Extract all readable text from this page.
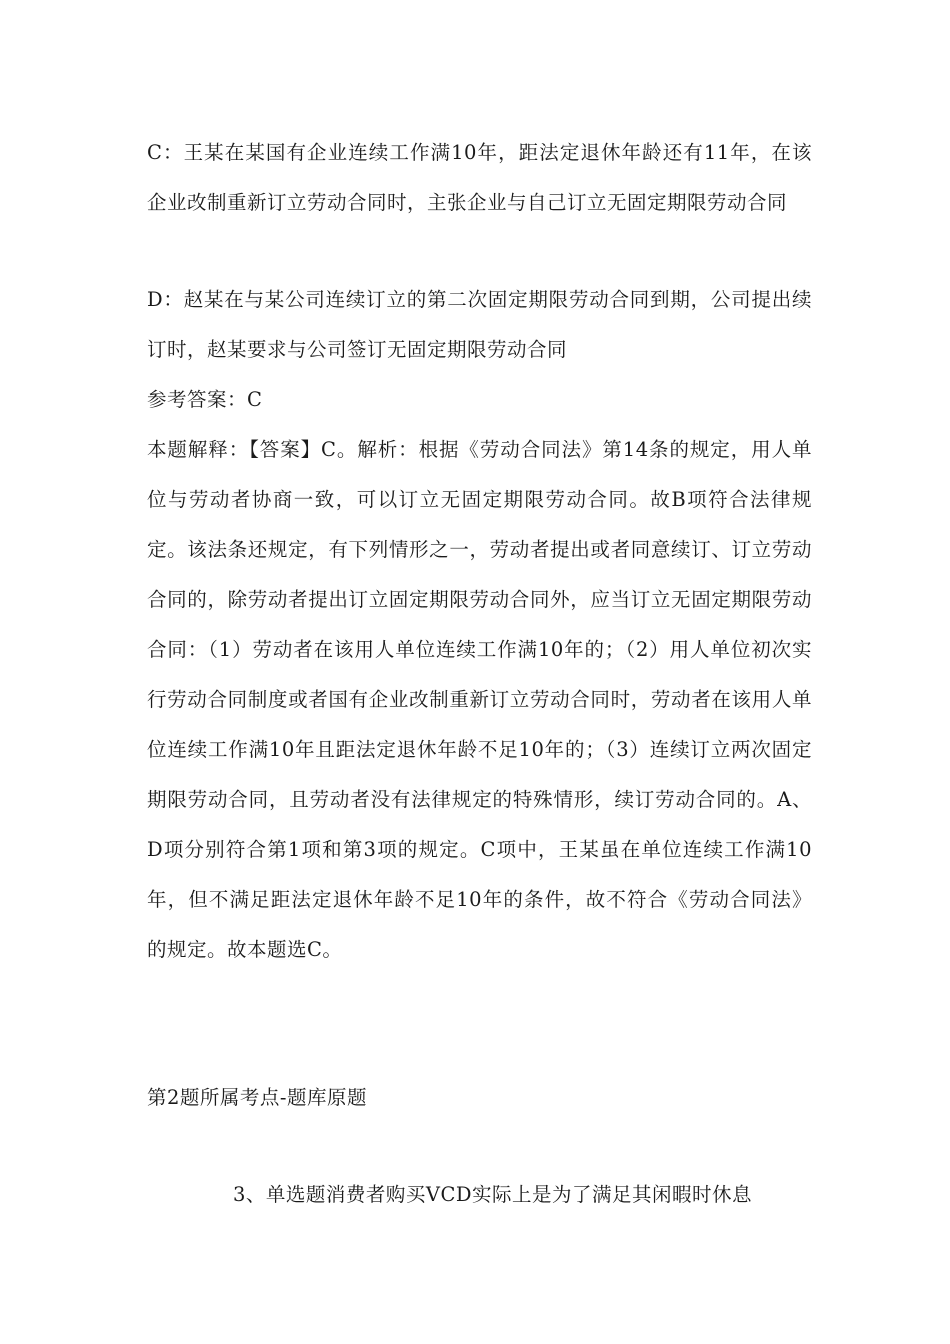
C：王某在某国有企业连续工作满10年，距法定退休年龄还有11年，在该企业改制重新订立劳动合同时，主张企业与自己订立无固定期限劳动合同

D：赵某在与某公司连续订立的第二次固定期限劳动合同到期，公司提出续订时，赵某要求与公司签订无固定期限劳动合同

参考答案：C

本题解释：【答案】C。解析：根据《劳动合同法》第14条的规定，用人单位与劳动者协商一致，可以订立无固定期限劳动合同。故B项符合法律规定。该法条还规定，有下列情形之一，劳动者提出或者同意续订、订立劳动合同的，除劳动者提出订立固定期限劳动合同外，应当订立无固定期限劳动合同：（1）劳动者在该用人单位连续工作满10年的；（2）用人单位初次实行劳动合同制度或者国有企业改制重新订立劳动合同时，劳动者在该用人单位连续工作满10年且距法定退休年龄不足10年的；（3）连续订立两次固定期限劳动合同，且劳动者没有法律规定的特殊情形，续订劳动合同的。A、D项分别符合第1项和第3项的规定。C项中，王某虽在单位连续工作满10年，但不满足距法定退休年龄不足10年的条件，故不符合《劳动合同法》的规定。故本题选C。

第2题所属考点-题库原题

3、单选题消费者购买VCD实际上是为了满足其闲暇时休息
